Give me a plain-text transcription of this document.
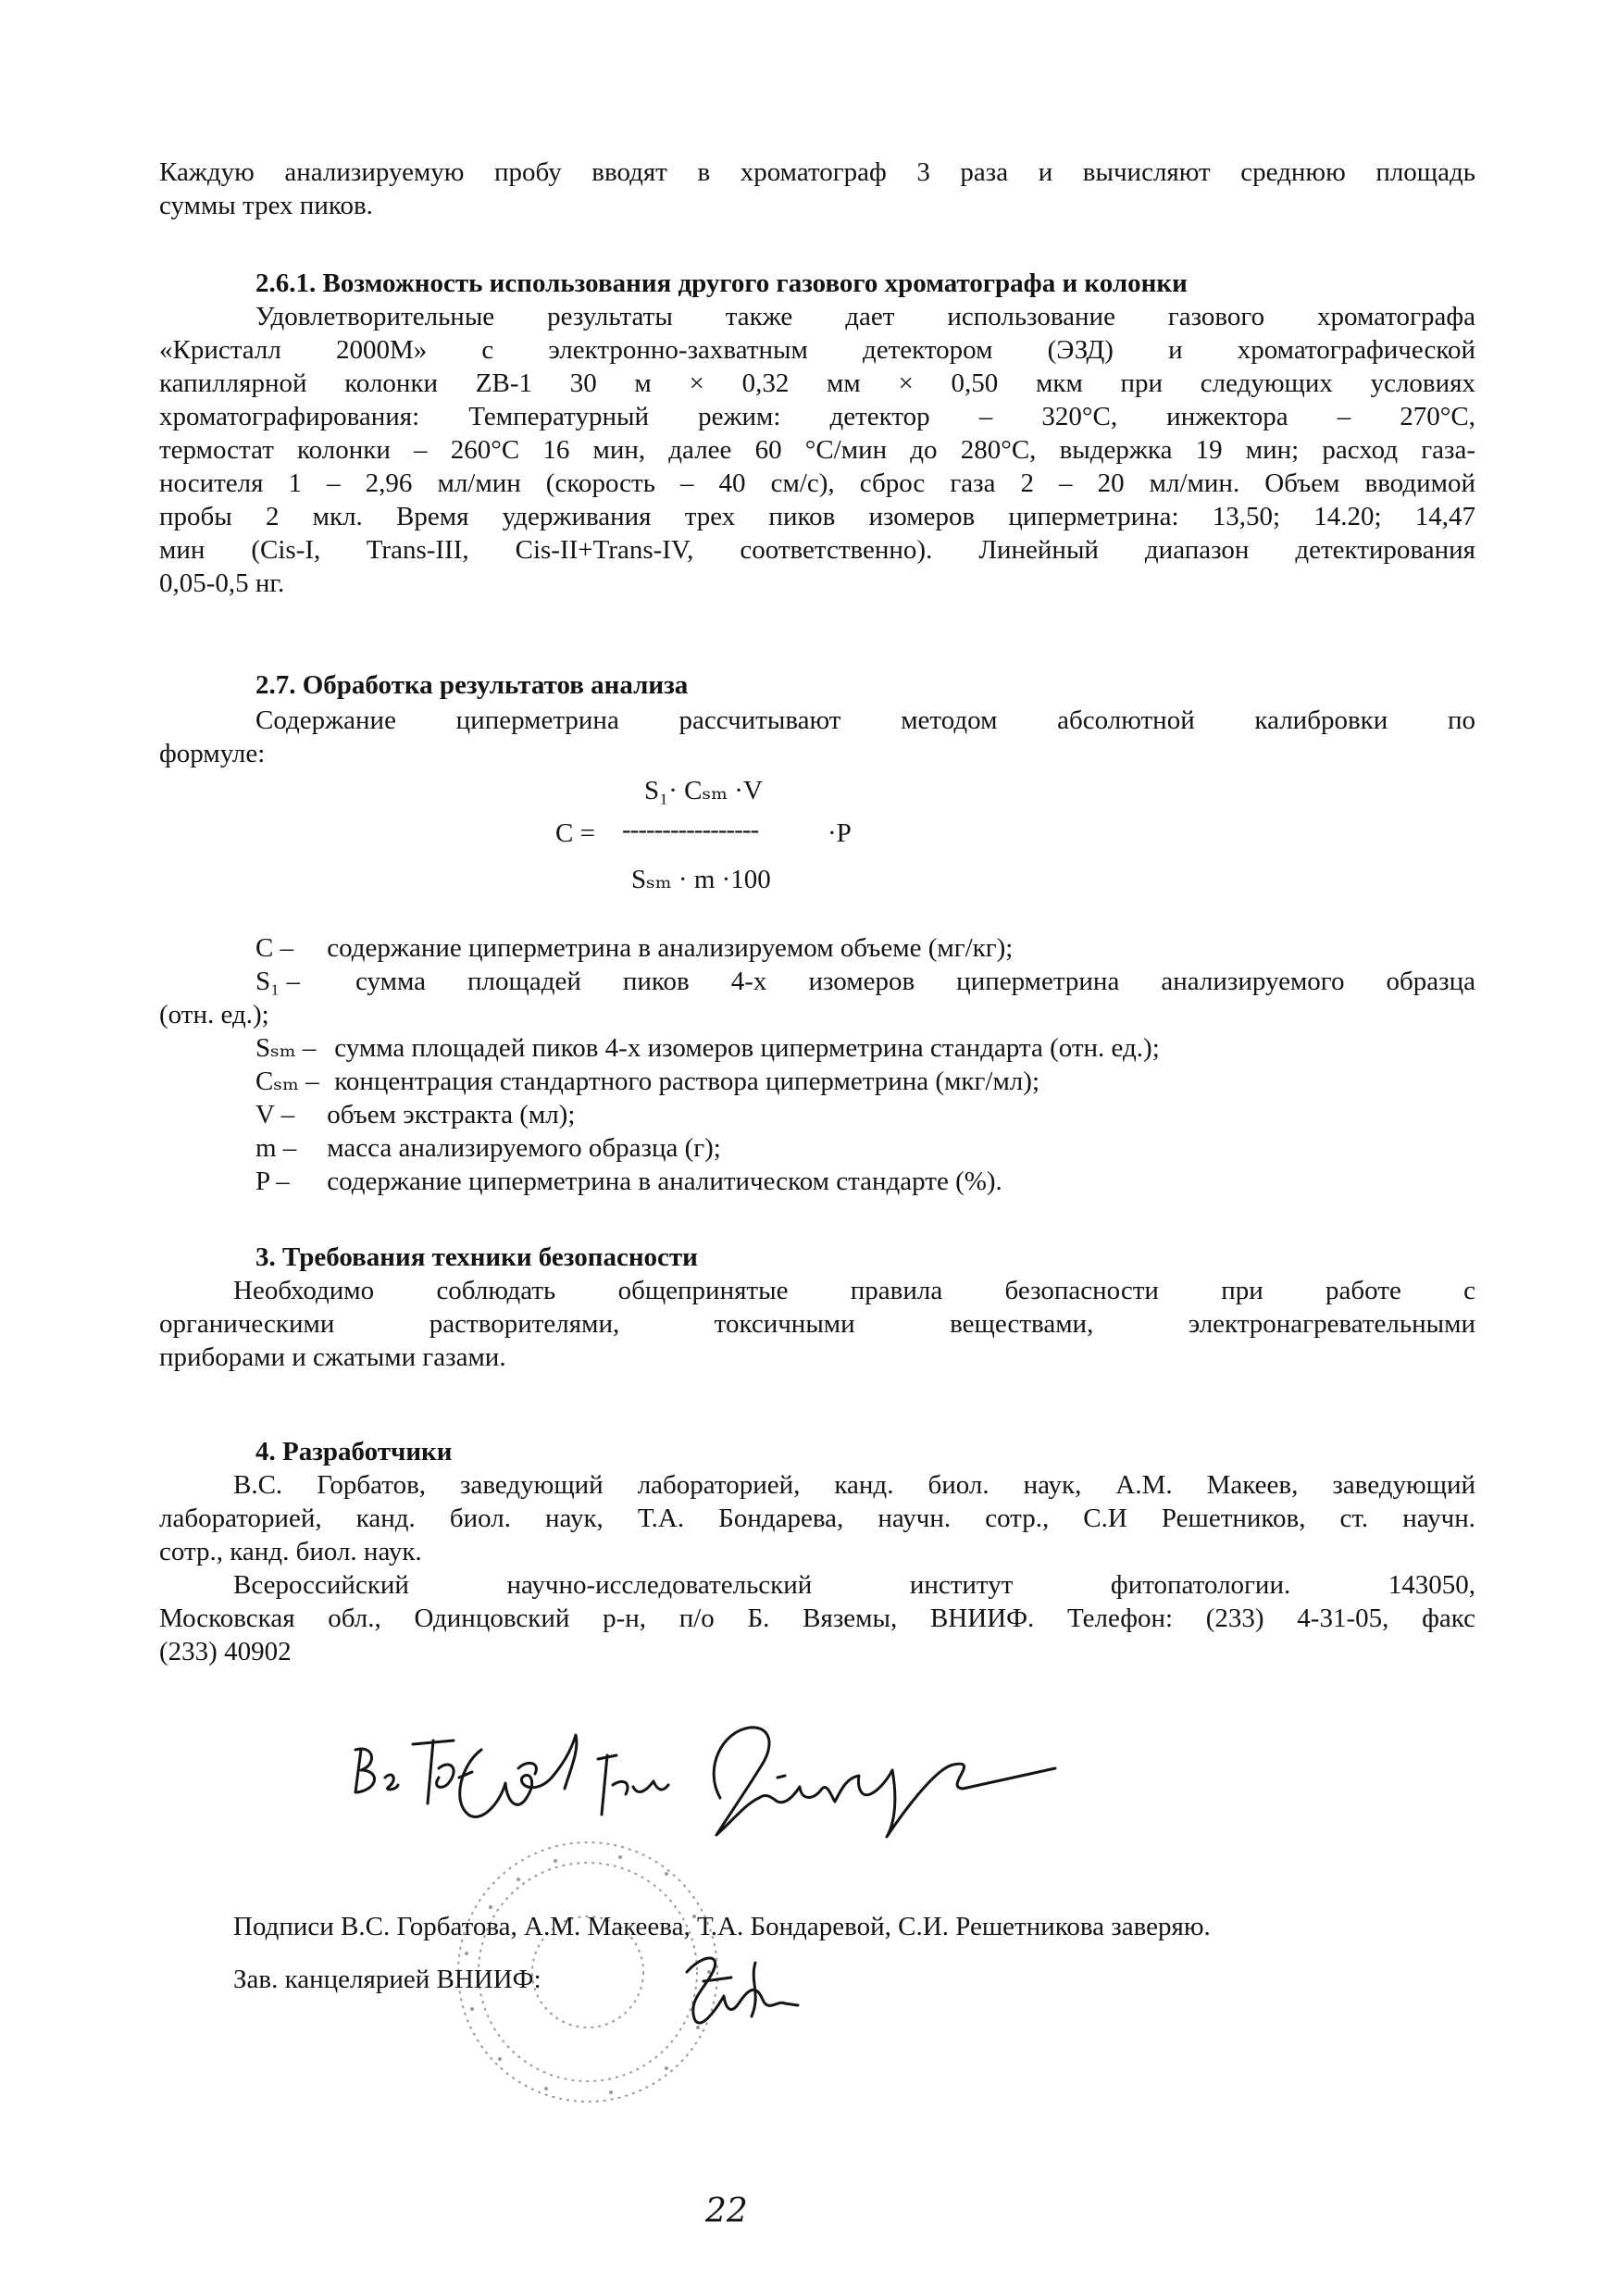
Каждую анализируемую пробу вводят в хроматограф 3 раза и вычисляют среднюю площадь
суммы трех пиков.
2.6.1. Возможность использования другого газового хроматографа и колонки
Удовлетворительные результаты также дает использование газового хроматографа
«Кристалл 2000М» с электронно-захватным детектором (ЭЗД) и хроматографической
капиллярной колонки ZB-1 30 м × 0,32 мм × 0,50 мкм при следующих условиях
хроматографирования: Температурный режим: детектор – 320°С, инжектора – 270°С,
термостат колонки – 260°С 16 мин, далее 60 °С/мин до 280°С, выдержка 19 мин; расход газа-
носителя 1 – 2,96 мл/мин (скорость – 40 см/с), сброс газа 2 – 20 мл/мин. Объем вводимой
пробы 2 мкл. Время удерживания трех пиков изомеров циперметрина: 13,50; 14.20; 14,47
мин (Cis-I, Trans-III, Cis-II+Trans-IV, соответственно). Линейный диапазон детектирования
0,05-0,5 нг.
2.7. Обработка результатов анализа
Содержание циперметрина рассчитывают методом абсолютной калибровки по
формуле:
S₁· Cₛₘ ·V
C = -----------------	·P
Sₛₘ · m ·100
С – содержание циперметрина в анализируемом объеме (мг/кг);
S₁ –	сумма площадей пиков 4-х изомеров циперметрина анализируемого образца
(отн. ед.);
Sₛₘ – сумма площадей пиков 4-х изомеров циперметрина стандарта (отн. ед.);
Cₛₘ – концентрация стандартного раствора циперметрина (мкг/мл);
V – объем экстракта (мл);
m – масса анализируемого образца (г);
P – содержание циперметрина в аналитическом стандарте (%).
3. Требования техники безопасности
Необходимо соблюдать общепринятые правила безопасности при работе с
органическими растворителями, токсичными веществами, электронагревательными
приборами и сжатыми газами.
4. Разработчики
В.С. Горбатов, заведующий лабораторией, канд. биол. наук, А.М. Макеев, заведующий
лабораторией, канд. биол. наук, Т.А. Бондарева, научн. сотр., С.И Решетников, ст. научн.
сотр., канд. биол. наук.
Всероссийский научно-исследовательский институт фитопатологии. 143050,
Московская обл., Одинцовский р-н, п/о Б. Вяземы, ВНИИФ. Телефон: (233) 4-31-05, факс
(233) 40902
Подписи В.С. Горбатова, А.М. Макеева, Т.А. Бондаревой, С.И. Решетникова заверяю.
Зав. канцелярией ВНИИФ:
22
